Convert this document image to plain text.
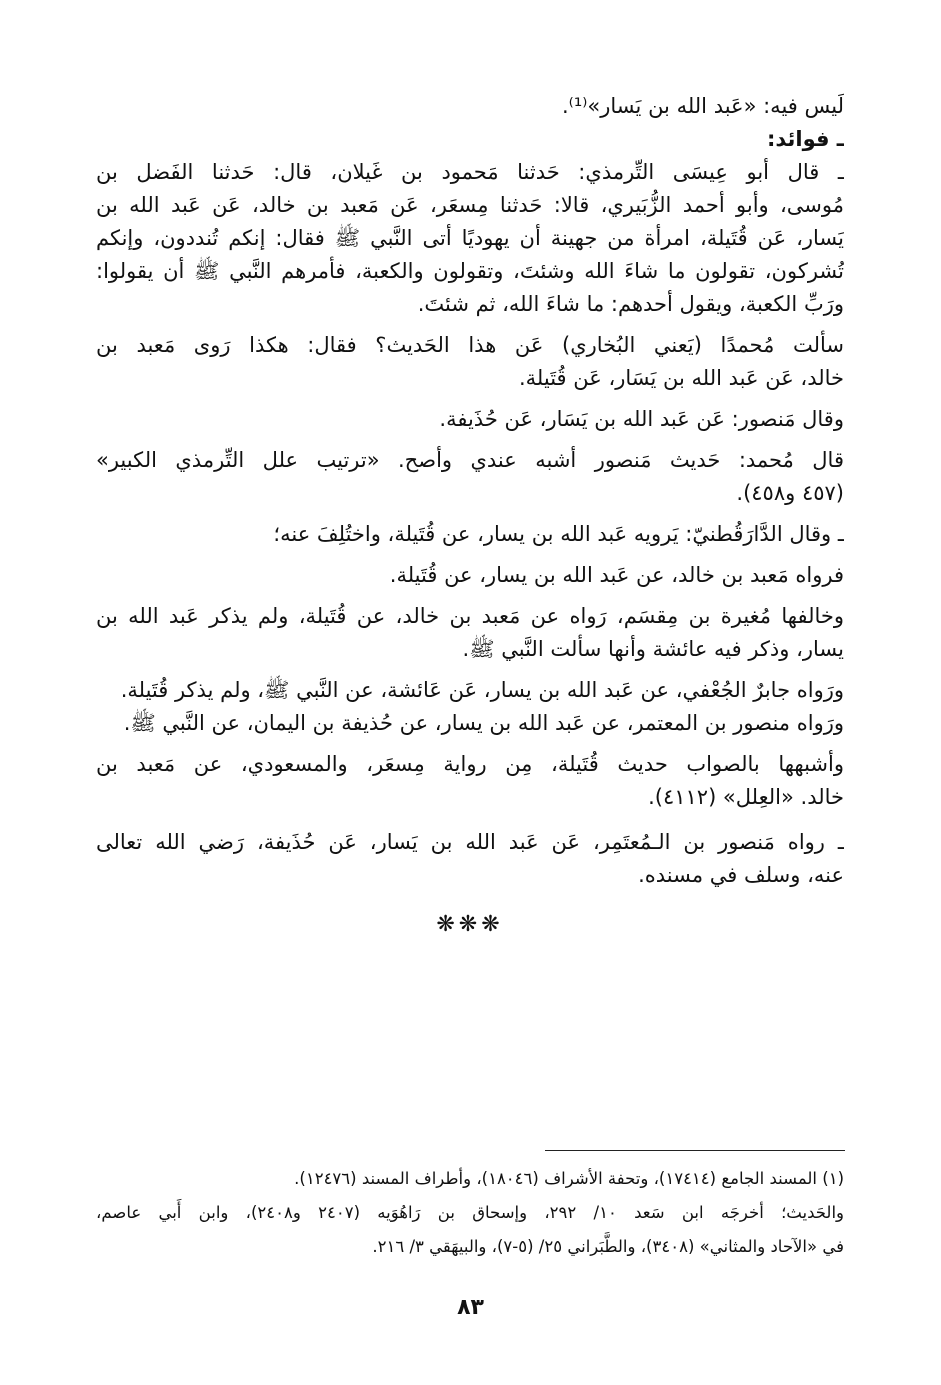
لَيس فيه: «عَبد الله بن يَسار»⁽¹⁾.
ـ فوائد:
ـ قال أبو عِيسَى التِّرمذي: حَدثنا مَحمود بن غَيلان، قال: حَدثنا الفَضل بن
مُوسى، وأبو أحمد الزُّبَيري، قالا: حَدثنا مِسعَر، عَن مَعبد بن خالد، عَن عَبد الله بن
يَسار، عَن قُتَيلة، امرأة من جهينة أن يهوديًا أتى النَّبي ﷺ فقال: إنكم تُنددون، وإنكم
تُشركون، تقولون ما شاءَ الله وشئتَ، وتقولون والكعبة، فأمرهم النَّبي ﷺ أن يقولوا:
ورَبِّ الكعبة، ويقول أحدهم: ما شاءَ الله، ثم شئتَ.
سأَلت مُحمدًا (يَعني البُخاري) عَن هذا الحَديث؟ فقال: هكذا رَوى مَعبد بن
خالد، عَن عَبد الله بن يَسَار، عَن قُتَيلة.
وقال مَنصور: عَن عَبد الله بن يَسَار، عَن حُذَيفة.
قال مُحمد: حَديث مَنصور أشبه عندي وأصح. «ترتيب علل التِّرمذي الكبير»
(٤٥٧ و٤٥٨).
ـ وقال الدَّارَقُطنيّ: يَرويه عَبد الله بن يسار، عن قُتَيلة، واختُلِفَ عنه؛
فرواه مَعبد بن خالد، عن عَبد الله بن يسار، عن قُتَيلة.
وخالفها مُغيرة بن مِقسَم، رَواه عن مَعبد بن خالد، عن قُتَيلة، ولم يذكر عَبد الله بن
يسار، وذكر فيه عائشة وأنها سأَلت النَّبي ﷺ.
ورَواه جابرٌ الجُعْفي، عن عَبد الله بن يسار، عَن عَائشة، عن النَّبي ﷺ، ولم يذكر قُتَيلة.
ورَواه منصور بن المعتمر، عن عَبد الله بن يسار، عن حُذيفة بن اليمان، عن النَّبي ﷺ.
وأشبهها بالصواب حديث قُتَيلة، مِن رواية مِسعَر، والمسعودي، عن مَعبد بن
خالد. «العِلل» (٤١١٢).
ـ رواه مَنصور بن الـمُعتَمِر، عَن عَبد الله بن يَسار، عَن حُذَيفة، رَضي الله تعالى
عنه، وسلف في مسنده.
❋❋❋
(١) المسند الجامع (١٧٤١٤)، وتحفة الأشراف (١٨٠٤٦)، وأطراف المسند (١٢٤٧٦).
والحَديث؛ أخرجَه ابن سَعد ١٠/ ٢٩٢، وإسحاق بن رَاهُوَيه (٢٤٠٧ و٢٤٠٨)، وابن أَبي عاصم،
في «الآحاد والمثاني» (٣٤٠٨)، والطَّبَراني ٢٥/ (٥-٧)، والبيهَقي ٣/ ٢١٦.
٨٣
